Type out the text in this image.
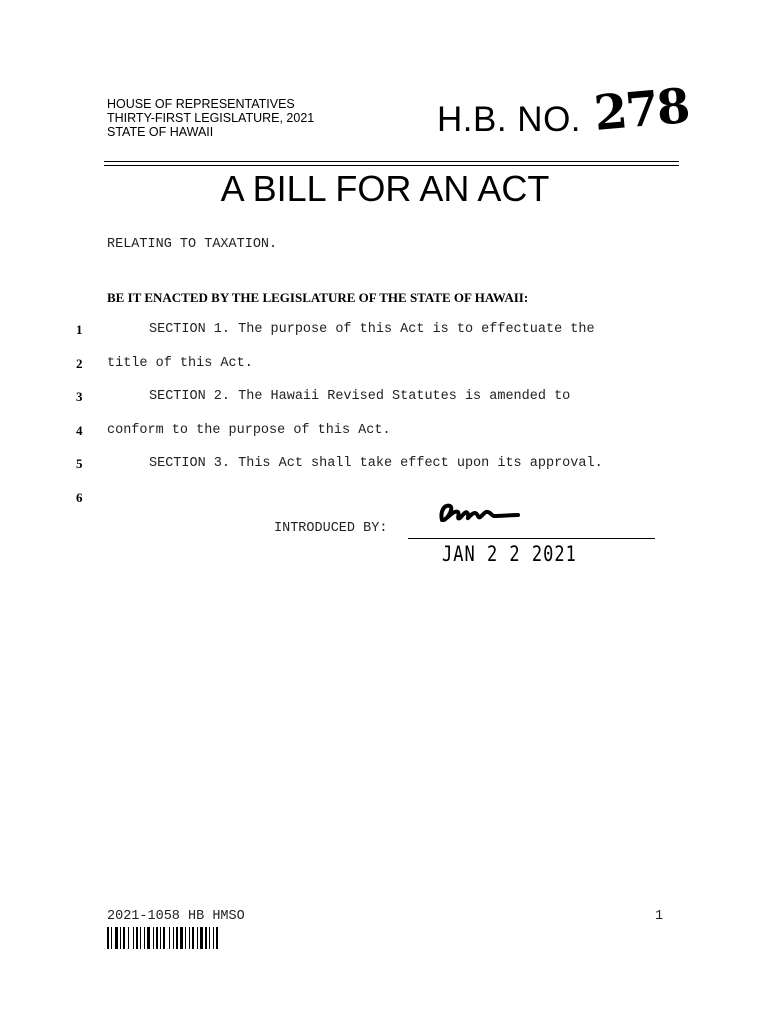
HOUSE OF REPRESENTATIVES
THIRTY-FIRST LEGISLATURE, 2021
STATE OF HAWAII	H.B. NO. 278
A BILL FOR AN ACT
RELATING TO TAXATION.
BE IT ENACTED BY THE LEGISLATURE OF THE STATE OF HAWAII:
1	SECTION 1. The purpose of this Act is to effectuate the
2 title of this Act.
3	SECTION 2. The Hawaii Revised Statutes is amended to
4 conform to the purpose of this Act.
5	SECTION 3. This Act shall take effect upon its approval.
6
INTRODUCED BY:
JAN 2 2 2021
2021-1058 HB HMSO	1
